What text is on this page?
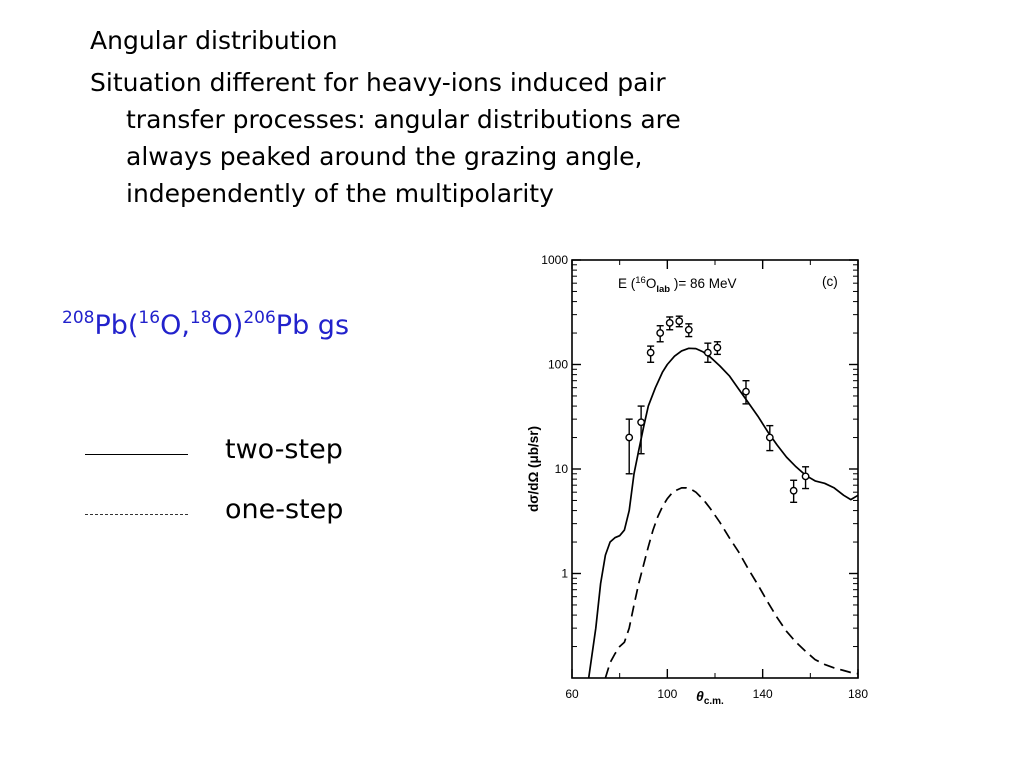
Angular distribution
Situation different for heavy-ions induced pair
transfer processes: angular distributions are
always peaked around the grazing angle,
independently of the multipolarity
$^{208}Pb(^{16}O,^{18}O)^{206}Pb$ gs
two-step
one-step
1000
100
10
1
60	100	140	180
E ($^{16}O_{lab}$ )= 86 MeV	(c)
$\theta_{c.m.}$
dσ/dΩ (μb/sr)
